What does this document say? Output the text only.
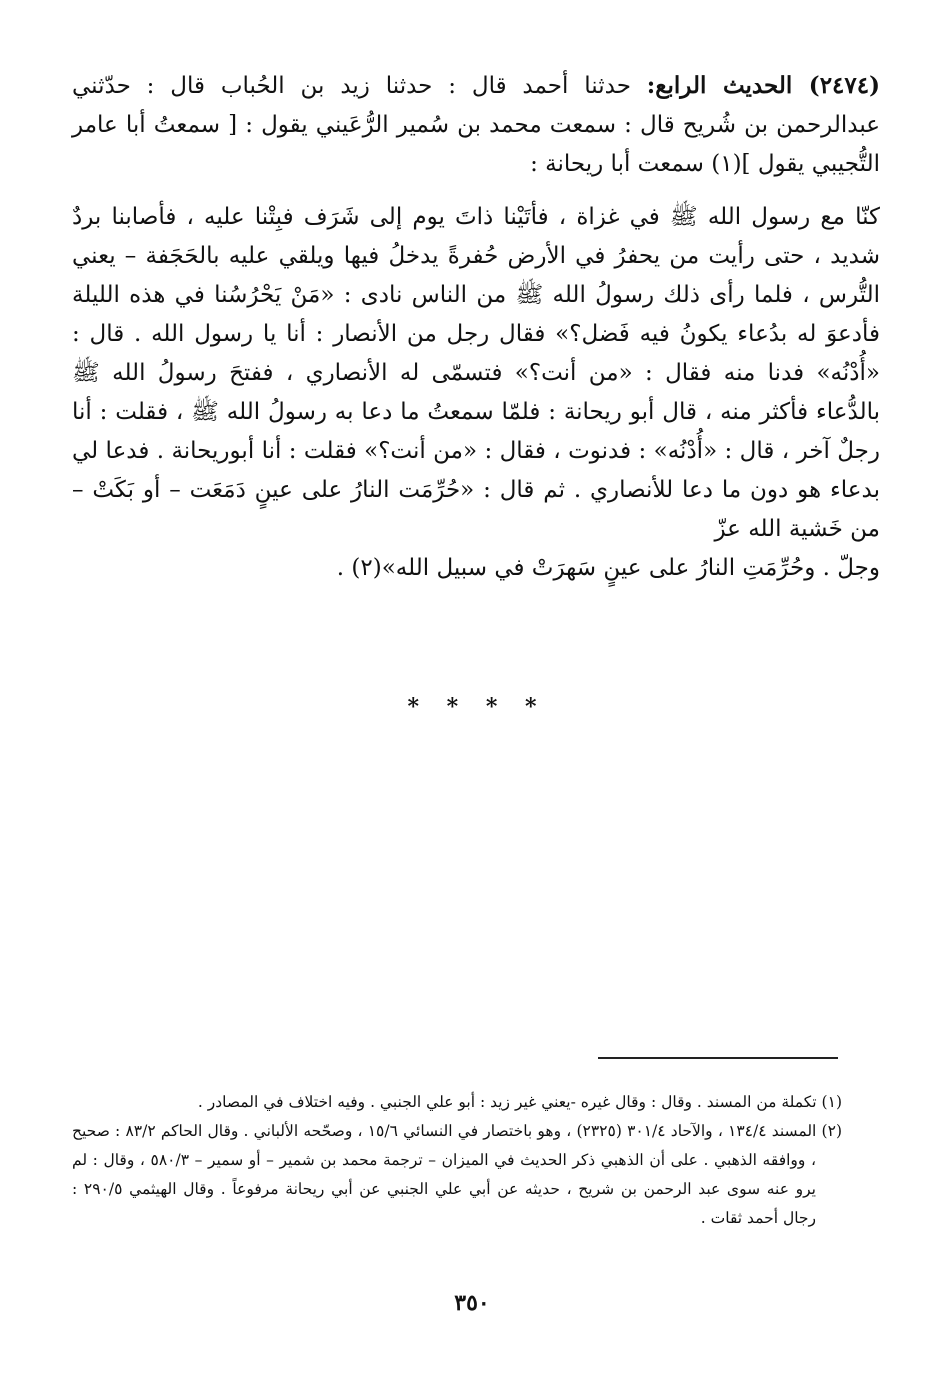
(٢٤٧٤) الحديث الرابع: حدثنا أحمد قال : حدثنا زيد بن الحُباب قال : حدّثني عبدالرحمن بن شُريح قال : سمعت محمد بن سُمير الرُّعَيني يقول : [ سمعتُ أبا عامر التُّجيبي يقول ](١) سمعت أبا ريحانة :

كنّا مع رسول الله ﷺ في غزاة ، فأتَيْنا ذاتَ يوم إلى شَرَف فبِتْنا عليه ، فأصابنا بردٌ شديد ، حتى رأيت من يحفرُ في الأرض حُفرةً يدخلُ فيها ويلقي عليه بالحَجَفة – يعني التُّرس ، فلما رأى ذلك رسولُ الله ﷺ من الناس نادى : «مَنْ يَحْرُسُنا في هذه الليلة فأدعوَ له بدُعاء يكونُ فيه فَضل؟» فقال رجل من الأنصار : أنا يا رسول الله . قال : «أُدْنُه» فدنا منه فقال : «من أنت؟» فتسمّى له الأنصاري ، ففتحَ رسولُ الله ﷺ بالدُّعاء فأكثر منه ، قال أبو ريحانة : فلمّا سمعتُ ما دعا به رسولُ الله ﷺ ، فقلت : أنا رجلٌ آخر ، قال : «أُدْنُه» : فدنوت ، فقال : «من أنت؟» فقلت : أنا أبوريحانة . فدعا لي بدعاء هو دون ما دعا للأنصاري . ثم قال : «حُرِّمَت النارُ على عينٍ دَمَعَت – أو بَكَتْ – من خَشية الله عزّ

وجلّ . وحُرِّمَتِ النارُ على عينٍ سَهرَتْ في سبيل الله»(٢) .

* * * *

(١) تكملة من المسند . وقال : وقال غيره -يعني غير زيد : أبو علي الجنبي . وفيه اختلاف في المصادر .

(٢) المسند ١٣٤/٤ ، والآحاد ٣٠١/٤ (٢٣٢٥) ، وهو باختصار في النسائي ١٥/٦ ، وصحّحه الألباني . وقال الحاكم ٨٣/٢ : صحيح ، ووافقه الذهبي . على أن الذهبي ذكر الحديث في الميزان – ترجمة محمد بن شمير – أو سمير – ٥٨٠/٣ ، وقال : لم يرو عنه سوى عبد الرحمن بن شريح ، حديثه عن أبي علي الجنبي عن أبي ريحانة مرفوعاً . وقال الهيثمي ٢٩٠/٥ : رجال أحمد ثقات .

٣٥٠
